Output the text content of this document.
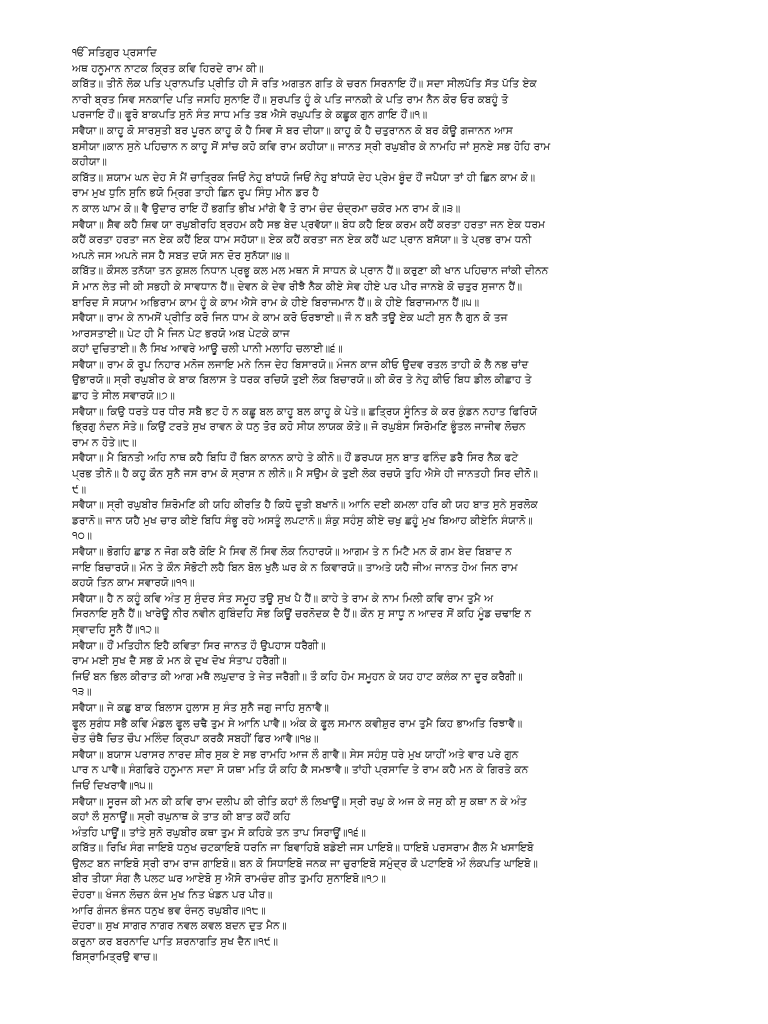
ੴ ਸਤਿਗੁਰ ਪ੍ਰਸਾਦਿ
ਅਥ ਹਨੂਮਾਨ ਨਾਟਕ ਕ੍ਰਿਤ ਕਵਿ ਹਿਰਦੇ ਰਾਮ ਕੀ॥
ਕਬਿੱਤ॥ ਤੀਨੋ ਲੋਕ ਪਤਿ ਪ੍ਰਾਨਪਤਿ ਪ੍ਰੀਤਿ ਹੀ ਸੋ ਰਤਿ ਅਗਤਨ ਗਤਿ ਕੇ ਚਰਨ ਸਿਰਨਾਇ ਹੌਂ॥ ਸਦਾ ਸੀਲਪੱਤਿ ਸੱਤ ਪੱਤਿ ਏਕ
ਨਾਰੀ ਬ੍ਰਤ ਸਿਵ ਸਨਕਾਦਿ ਪਤਿ ਜਸਹਿ ਸੁਨਾਇ ਹੌਂ॥ ਸੁਰਪਤਿ ਹੂੰ ਕੇ ਪਤਿ ਜਾਨਕੀ ਕੇ ਪਤਿ ਰਾਮ ਨੈਨ ਕੋਰ ਓਰ ਕਬਹੂੰ ਤੋ
ਪਰਜਾਇ ਹੌਂ॥ ਫੂਰੋ ਬਾਕਪਤਿ ਸੁਨੋ ਸੰਤ ਸਾਧ ਮਤਿ ਤਬ ਐਸੇ ਰਘੁਪਤਿ ਕੇ ਕਛੂਕ ਗੁਨ ਗਾਇ ਹੌਂ॥੧॥
ਸਵੈਯਾ॥ ਕਾਹੂ ਕੋ ਸਾਰਸੁਤੀ ਬਰ ਪੂਰਨ ਕਾਹੂ ਕੋ ਹੈ ਸਿਵ ਸੋ ਬਰ ਦੀਯਾ॥ ਕਾਹੂ ਕੋ ਹੈ ਚਤੁਰਾਨਨ ਕੋ ਬਰ ਕੋਊ ਗਜਾਨਨ ਆਸ
ਬਸੀਯਾ॥ਕਾਨ ਸੁਨੇ ਪਹਿਚਾਨ ਨ ਕਾਹੂ ਸੋਂ ਸਾਂਚ ਕਹੋ ਕਵਿ ਰਾਮ ਕਹੀਯਾ॥ ਜਾਨਤ ਸ੍ਰੀ ਰਘੁਬੀਰ ਕੇ ਨਾਮਹਿ ਜਾਂ ਸੁਨਏ ਸਭ ਹੋਹਿ ਰਾਮ
ਕਹੀਯਾ॥
ਕਬਿੱਤ॥ ਸ਼ਯਾਮ ਘਨ ਦੇਹ ਸੋ ਮੈਂ ਚਾਤ੍ਰਿਕ ਜਿਓਂ ਨੇਹੁ ਬਾਂਧਯੋ ਜਿਓਂ ਨੇਹੁ ਬਾਂਧਯੋ ਦੇਹ ਪ੍ਰੇਮ ਬੂੰਦ ਹੌਂ ਜਪੈਯਾ ਤਾਂ ਹੀ ਛਿਨ ਕਾਮ ਕੋ॥
ਰਾਮ ਮੁਖ ਧੁਨਿ ਸੁਨਿ ਭਯੋ ਮ੍ਰਿਗ ਤਾਹੀ ਛਿਨ ਰੂਪ ਸਿੰਧੁ ਮੀਨ ਡਰ ਹੈ
ਨ ਕਾਲ ਘਾਮ ਕੋ॥ ਵੈ ਉਦਾਰ ਰਾਇ ਹੌਂ ਭਗਤਿ ਭੀਖ ਮਾਂਗੇ ਵੈ ਤੋ ਰਾਮ ਚੰਦ ਚੰਦ੍ਰਮਾ ਚਕੋਰ ਮਨ ਰਾਮ ਕੋ॥੩॥
ਸਵੈਯਾ॥ ਸ਼ੈਵ ਕਹੈ ਸ਼ਿਵ ਯਾ ਰਘੁਬੀਰਹਿ ਬ੍ਰਹਮ ਕਹੈ ਸਭ ਬੇਦ ਪ੍ਰਵੱਯਾ॥ ਬੋਧ ਕਹੈ ਇਕ ਕਰਮ ਕਹੈਂ ਕਰਤਾ ਹਰਤਾ ਜਨ ਏਕ ਧਰਮ
ਕਹੈਂ ਕਰਤਾ ਹਰਤਾ ਜਨ ਏਕ ਕਹੈਂ ਇਕ ਧਾਮ ਸਹੱਯਾ॥ ਏਕ ਕਹੈਂ ਕਰਤਾ ਜਨ ਏਕ ਕਹੈਂ ਘਟ ਪ੍ਰਾਨ ਬਸੱਯਾ॥ ਤੇ ਪ੍ਰਭ ਰਾਮ ਧਨੀ
ਅਪਨੇ ਜਸ ਅਪਨੇ ਜਸ ਹੈ ਸਬਤ ਦਯੋ ਸਨ ਦੋਰ ਸੁਨੱਯਾ॥੪॥
ਕਬਿੱਤ॥ ਕੌਸਲ ਤਨੱਯਾ ਤਨ ਕੁਸ਼ਲ ਨਿਧਾਨ ਪ੍ਰਭੂ ਕਲ ਮਲ ਮਥਨ ਸੋ ਸਾਧਨ ਕੇ ਪ੍ਰਾਨ ਹੈਂ॥ ਕਰੁਣਾ ਕੀ ਖਾਨ ਪਹਿਚਾਨ ਜਾਂਕੀ ਦੀਨਨ
ਸੋ ਮਾਨ ਲੇਤ ਜੀ ਕੀ ਸਭਹੀ ਕੇ ਸਾਵਧਾਨ ਹੈਂ॥ ਦੇਵਨ ਕੇ ਦੇਵ ਰੀਝੈ ਨੈਕ ਕੀਏ ਸੇਵ ਹੀਏ ਪਰ ਪੀਰ ਜਾਨਬੇ ਕੋ ਚਤੁਰ ਸੁਜਾਨ ਹੈਂ॥
ਬਾਰਿਦ ਸੋ ਸਯਾਮ ਅਭਿਰਾਮ ਕਾਮ ਹੂੰ ਕੇ ਕਾਮ ਐਸੇ ਰਾਮ ਕੇ ਹੀਏ ਬਿਰਾਜਮਾਨ ਹੈਂ॥ ਕੇ ਹੀਏ ਬਿਰਾਜਮਾਨ ਹੈਂ॥੫॥
ਸਵੈਯਾ॥ ਰਾਮ ਕੇ ਨਾਮਸੋਂ ਪ੍ਰੀਤਿ ਕਰੋ ਜਿਨ ਧਾਮ ਕੇ ਕਾਮ ਕਰੋ ਓਰਝਾਈ॥ ਜੌ ਨ ਬਨੈ ਤਊ ਏਕ ਘਟੀ ਸੁਨ ਲੈ ਗੁਨ ਕੋ ਤਜ
ਆਰਸਤਾਈ॥ ਪੇਟ ਹੀ ਮੈ ਜਿਨ ਪੇਟ ਭਰਯੋ ਅਬ ਪੇਟਕੇ ਕਾਜ
ਕਹਾਂ ਦੁਚਿਤਾਈ॥ ਲੈ ਸਿਖ ਆਵਰੇ ਆਊ ਚਲੀ ਪਾਨੀ ਮਲਾਹਿ ਚਲਾਈ॥੬॥
ਸਵੈਯਾ॥ ਰਾਮ ਕੋ ਰੂਪ ਨਿਹਾਰ ਮਨੋਜ ਲਜਾਇ ਮਨੇ ਨਿਜ ਦੇਹ ਬਿਸਾਰਯੋ॥ ਮੰਜਨ ਕਾਜ ਕੀਓ ਉਦਵ ਰਤਲ ਤਾਹੀ ਕੋ ਲੈ ਨਭ ਚਾਂਦ
ਉਭਾਰਯੋ॥ ਸ੍ਰੀ ਰਘੁਬੀਰ ਕੇ ਬਾਕ ਬਿਲਾਸ ਤੇ ਧਰਕ ਰਚਿਯੋ ਤੁਈ ਲੋਕ ਬਿਚਾਰਯੋ॥ ਕੀ ਕੋਰ ਤੇ ਨੇਹੁ ਕੀਓ ਬਿਧ ਡੀਲ ਕੀਛਾਹ ਤੇ
ਛਾਹ ਤੇ ਸੀਲ ਸਵਾਰਯੋ॥੭॥
ਸਵੈਯਾ॥ ਕਿਉ ਧਰਤੇ ਧਰ ਧੀਰ ਸਬੈ ਭਟ ਹੋ ਨ ਕਛੂ ਬਲ ਕਾਹੂ ਬਲ ਕਾਹੂ ਕੇ ਪੇਤੇ॥ ਛਤ੍ਰਿਯ ਸੂੰਨਿਤ ਕੇ ਕਰ ਕੁੰਡਨ ਨਹਾਤ ਫਿਰਿਯੋ
ਭ੍ਰਿਗੁ ਨੰਦਨ ਸੋਤੇ॥ ਕਿਉਂ ਟਰਤੇ ਸੁਖ ਰਾਵਨ ਕੇ ਧਨੁ ਤੋਰ ਕਹੋ ਸੀਯ ਲਾਯਕ ਕੋਤੇ॥ ਜੋ ਰਘੁਬੰਸ ਸਿਰੋਮਣਿ ਭੂੰਤਲ ਜਾਜੀਵ ਲੋਚਨ
ਰਾਮ ਨ ਹੋਤੇ॥੮॥
ਸਵੈਯਾ॥ ਮੈ ਬਿਨਤੀ ਅਹਿ ਨਾਥ ਕਹੈ ਬਿਧਿ ਹੌਂ ਬਿਨ ਕਾਨਨ ਕਾਹੇ ਤੇ ਕੀਨੋ॥ ਹੌਂ ਡਰਪਯ ਸੁਨ ਬਾਤ ਫਨਿੰਦ ਡਰੈ ਸਿਰ ਨੈਕ ਫਟੇ
ਪ੍ਰਭ ਤੀਨੋ॥ ਹੈ ਕਹੂ ਕੌਨ ਸੁਨੈ ਜਸ ਰਾਮ ਕੋ ਸ੍ਰਾਸ ਨ ਲੀਨੋ॥ ਮੈ ਸਉਮ ਕੇ ਤੁਈ ਲੋਕ ਰਚਯੋ ਤੁਹਿ ਐਸੇ ਹੀ ਜਾਨਤਹੀ ਸਿਰ ਦੀਨੋ॥
੯॥
ਸਵੈਯਾ॥ ਸ੍ਰੀ ਰਘੁਬੀਰ ਸ਼ਿਰੋਮਣਿ ਕੀ ਯਹਿ ਕੀਰਤਿ ਹੈ ਕਿਧੋ ਦੂਤੀ ਬਖਾਨੋ॥ ਆਨਿ ਦਈ ਕਮਲਾ ਹਰਿ ਕੀ ਯਹ ਬਾਤ ਸੁਨੇ ਸੁਰਲੋਕ
ਡਰਾਨੋ॥ ਜਾਨ ਯਹੈ ਮੁਖ ਚਾਰ ਕੀਏ ਬਿਧਿ ਸੰਭੂ ਰਹੇ ਅਸਤੂੰ ਲਪਟਾਨੋ॥ ਸ਼ੰਕੁ ਸਹੰਸੁ ਕੀਏ ਚਖੁ ਛਹੂੰ ਮੁਖ ਬਿਆਹ ਕੀਏਨਿ ਸੰਯਾਨੋ॥
੧੦॥
ਸਵੈਯਾ॥ ਭੋਗਹਿ ਛਾਡ ਨ ਜੋਗ ਕਰੈ ਕੋਇ ਮੈ ਸਿਵ ਲੋਂ ਸਿਵ ਲੋਕ ਨਿਹਾਰਯੋ॥ ਆਗਮ ਤੇ ਨ ਮਿਟੈ ਮਨ ਕੋ ਗਮ ਬੇਦ ਬਿਬਾਦ ਨ
ਜਾਇ ਬਿਚਾਰਯੋ॥ ਮੌਨ ਤੇ ਕੌਨ ਸੋਭੋਟੀ ਲਹੈ ਬਿਨ ਬੋਲ ਖੁਲੈ ਘਰ ਕੇ ਨ ਕਿਵਾਰਯੋ॥ ਤਾਅਤੇ ਯਹੈ ਜੀਅ ਜਾਨਤ ਹੋਅ ਜਿਨ ਰਾਮ
ਕਹਯੋ ਤਿਨ ਕਾਮ ਸਵਾਰਯੋ॥੧੧॥
ਸਵੈਯਾ॥ ਹੈ ਨ ਕਹੂੰ ਕਵਿ ਅੰਤ ਸੁ ਸੁੰਦਰ ਸੰਤ ਸਮੂਹ ਤਊ ਸੁਖ ਪੈ ਹੈਂ॥ ਕਾਹੇ ਤੇ ਰਾਮ ਕੇ ਨਾਮ ਮਿਲੀ ਕਵਿ ਰਾਮ ਤੁਮੈ ਅ
ਸਿਰਨਾਇ ਸੁਨੈ ਹੈਂ॥ ਖਾਰੇਊ ਨੀਰ ਨਵੀਨ ਗੁਬਿੰਦਹਿ ਸੋਭ ਕਿਊਂ ਚਰਨੋਦਕ ਦੈ ਹੈਂ॥ ਕੌਨ ਸੁ ਸਾਧੂ ਨ ਆਦਰ ਸੋਂ ਕਹਿ ਮੂੰਡ ਚਢਾਇ ਨ
ਸ੍ਵਾਦਹਿ ਸੂਨੈ ਹੈਂ॥੧੨॥
ਸਵੈਯਾ॥ ਹੌਂ ਮਤਿਹੀਨ ਇਹੈ ਕਵਿਤਾ ਸਿਰ ਜਾਨਤ ਹੌ ਉਪਹਾਸ ਧਰੈਗੀ॥
ਰਾਮ ਮਈ ਸੁਖ ਦੈ ਸਭ ਕੋ ਮਨ ਕੇ ਦੁਖ ਦੋਖ ਸੰਤਾਪ ਹਰੈਗੀ॥
ਜਿਓਂ ਬਨ ਭਿਲ ਕੀਰਾਤ ਕੀ ਆਗ ਮਥੈ ਲਘੁਦਾਰ ਤੇ ਜੇਤ ਜਰੈਗੀ॥ ਤੌ ਕਹਿ ਹੋਮ ਸਮੂਹਨ ਕੇ ਯਹ ਹਾਟ ਕਲੰਕ ਨਾ ਦੂਰ ਕਰੈਗੀ॥
੧੩॥
ਸਵੈਯਾ॥ ਜੇ ਕਛੁ ਬਾਕ ਬਿਲਾਸ ਹੁਲਾਸ ਸੁ ਸੰਤ ਸੁਨੈ ਜਗੁ ਜਾਹਿ ਸੁਨਾਵੈ॥
ਫੂਲ ਸੁਗੰਧ ਸਭੈ ਕਵਿ ਮੰਡਲ ਫੂਲ ਚਢੈ ਤੁਮ ਸੇ ਆਨਿ ਪਾਵੈ॥ ਅੰਕ ਕੇ ਫੂਲ ਸਮਾਨ ਕਵੀਸ਼ੁਰ ਰਾਮ ਤੁਮੈ ਕਿਹ ਭਾਅਤਿ ਰਿਝਾਵੈ॥
ਚੇਤ ਚੰਥੈ ਚਿਤ ਚੌਪ ਮਲਿੰਦ ਕ੍ਰਿਪਾ ਕਰਕੈ ਸਬਹੀਂ ਫਿਰ ਆਵੈ॥੧੪॥
ਸਵੈਯਾ॥ ਬਯਾਸ ਪਰਾਸਰ ਨਾਰਦ ਸ਼ੀਰ ਸੁਕ ਏ ਸਭ ਰਾਮਹਿ ਆਜ ਲੌ ਗਾਵੈ॥ ਸੇਸ ਸਹੰਸੁ ਧਰੇ ਮੁਖ ਯਾਹੀਂ ਅਤੇ ਵਾਰ ਪਰੇ ਗੁਨ
ਪਾਰ ਨ ਪਾਵੈ॥ ਸੰਗਫਿਰੇ ਹਨੂਮਾਨ ਸਦਾ ਸੋ ਯਥਾ ਮਤਿ ਯੌ ਕਹਿ ਕੈ ਸਮਝਾਵੈ॥ ਤਾਂਹੀ ਪ੍ਰਸਾਦਿ ਤੇ ਰਾਮ ਕਹੈ ਮਨ ਕੇ ਗਿਰਤੇ ਕਨ
ਜਿਓਂ ਦਿਖਰਾਵੈ॥੧੫॥
ਸਵੈਯਾ॥ ਸੂਰਜ ਕੀ ਮਨ ਕੀ ਕਵਿ ਰਾਮ ਦਲੀਪ ਕੀ ਰੀਤਿ ਕਹਾਂ ਲੌ ਲਿਖਾਊਂ॥ ਸ੍ਰੀ ਰਘੁ ਕੇ ਅਜ ਕੇ ਜਸੁ ਕੀ ਸੁ ਕਥਾ ਨ ਕੇ ਅੰਤ
ਕਹਾਂ ਲੌ ਸੁਨਾਊਂ॥ ਸ੍ਰੀ ਰਘੁਨਾਥ ਕੇ ਤਾਤ ਕੀ ਬਾਤ ਕਹੌਂ ਕਹਿ
ਅੰਤਹਿ ਪਾਊਂ॥ ਤਾਂਤੇ ਸੁਨੋ ਰਘੁਬੀਰ ਕਥਾ ਤੁਮ ਸੋ ਕਹਿਕੇ ਤਨ ਤਾਪ ਸਿਰਾਊਂ॥੧੬॥
ਕਬਿੱਤ॥ ਰਿਖਿ ਸੰਗ ਜਾਇਬੋ ਧਨੁਖ ਚਟਕਾਇਬੋ ਧਰਨਿ ਜਾ ਬਿਵਾਹਿਬੋ ਬਡੇਈ ਜਸ ਪਾਇਬੋ॥ ਧਾਇਬੋ ਪਰਸਰਾਮ ਗੈਲ ਮੈ ਖਸਾਇਬੋ
ਉਲਟ ਬਨ ਜਾਇਬੋ ਸ੍ਰੀ ਰਾਮ ਰਾਜ ਗਾਇਬੋ॥ ਬਨ ਕੋ ਸਿਧਾਇਬੋ ਜਨਕ ਜਾ ਚੁਰਾਇਬੋ ਸਮੁੰਦ੍ਰ ਕੌ ਪਟਾਇਬੋ ਔ ਲੰਕਪਤਿ ਘਾਇਬੋ॥
ਬੀਰ ਤੀਯਾ ਸੰਗ ਲੈ ਪਲਟ ਘਰ ਆਏਬੋ ਸੁ ਐਸੋ ਰਾਮਚੰਦ ਗੀਤ ਤੁਮਹਿ ਸੁਨਾਇਬੋ॥੧੭॥
ਦੋਹਰਾ॥ ਖੰਜਨ ਲੋਚਨ ਕੰਜ ਮੁਖ ਨਿਤ ਖੰਡਨ ਪਰ ਪੀਰ॥
ਆਰਿ ਗੰਜਨ ਭੰਜਨ ਧਨੁਖ ਭਵ ਰੰਜਨੁ ਰਘੁਬੀਰ॥੧੮॥
ਦੋਹਰਾ॥ ਸੁਖ ਸਾਗਰ ਨਾਗਰ ਨਵਲ ਕਵਲ ਬਦਨ ਦੁਤ ਮੈਨ॥
ਕਰੁਨਾ ਕਰ ਬਰਨਾਦਿ ਪਾਤਿ ਸ਼ਰਨਾਗਤਿ ਸੁਖ ਦੈਨ॥੧੯॥
ਬਿਸ੍ਰਾਮਿਤ੍ਰਉ ਵਾਚ॥
